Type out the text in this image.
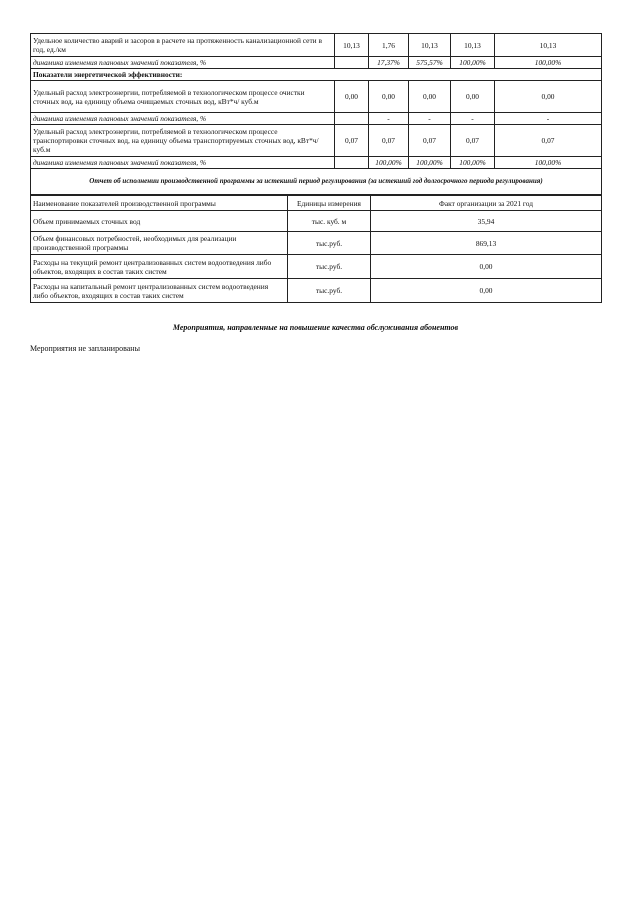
Удельное количество аварий и засоров в расчете на протяженность канализационной сети в год, ед./км	10,13	1,76	10,13	10,13	10,13
динамика изменения плановых значений показателя, %		17,37%	575,57%	100,00%	100,00%
Показатели энергетической эффективности:					
Удельный расход электроэнергии, потребляемой в технологическом процессе очистки сточных вод, на единицу объема очищаемых сточных вод, кВт*ч/ куб.м	0,00	0,00	0,00	0,00	0,00
динамика изменения плановых значений показателя, %		-	-	-	-
Удельный расход электроэнергии, потребляемой в технологическом процессе транспортировки сточных вод, на единицу объема транспортируемых сточных вод, кВт*ч/ куб.м	0,07	0,07	0,07	0,07	0,07
динамика изменения плановых значений показателя, %		100,00%	100,00%	100,00%	100,00%
Отчет об исполнении производственной программы за истекший период регулирования (за истекший год долгосрочного периода регулирования)					
Наименование показателей производственной программы	Единицы измерения	Факт организации за 2021 год
Объем принимаемых сточных вод	тыс. куб. м	35,94
Объем финансовых потребностей, необходимых для реализации производственной программы	тыс.руб.	869,13
Расходы на текущий ремонт централизованных систем водоотведения либо объектов, входящих в состав таких систем	тыс.руб.	0,00
Расходы на капитальный ремонт централизованных систем водоотведения либо объектов, входящих в состав таких систем	тыс.руб.	0,00
Мероприятия, направленные на повышение качества обслуживания абонентов
Мероприятия не запланированы
